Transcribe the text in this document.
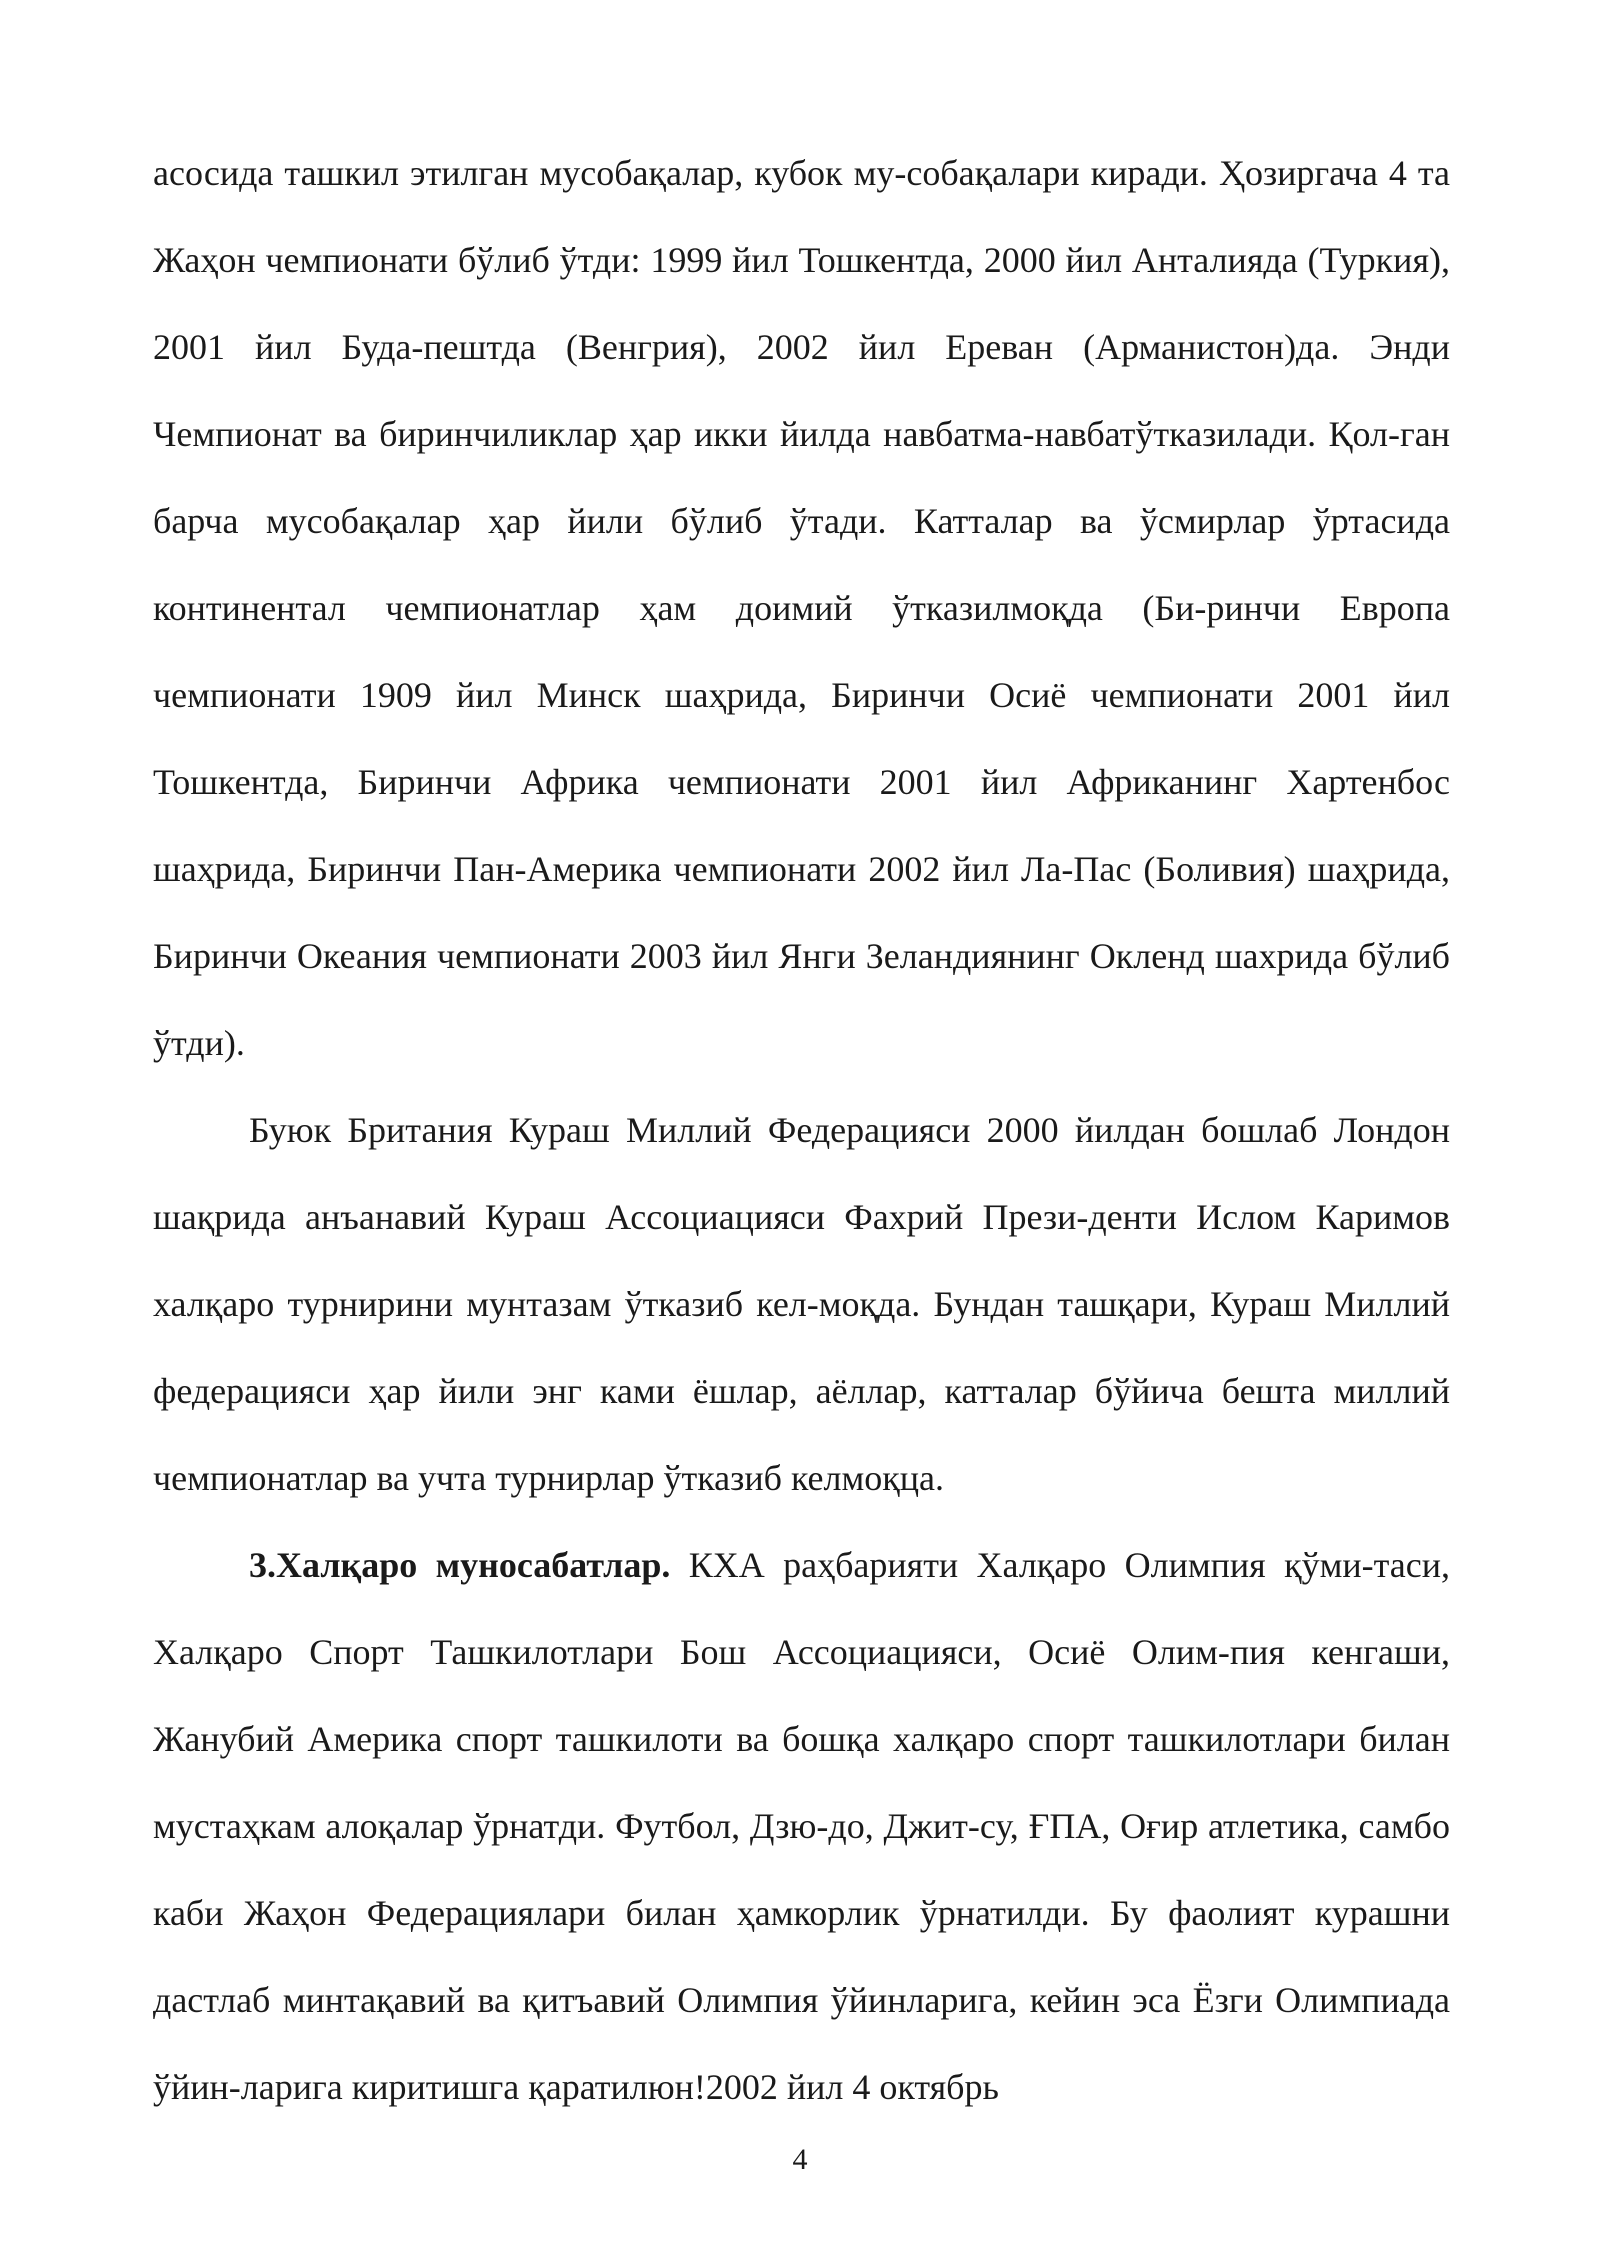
асосида ташкил этилган мусобақалар, кубок му-собақалари киради. Ҳозиргача 4 та Жаҳон чемпионати бўлиб ўтди: 1999 йил Тошкентда, 2000 йил Анталияда (Туркия), 2001 йил Буда-пештда (Венгрия), 2002 йил Ереван (Арманистон)да. Энди Чемпионат ва биринчиликлар ҳар икки йилда навбатма-навбатўтказилади. Қол-ган барча мусобақалар ҳар йили бўлиб ўтади. Катталар ва ўсмирлар ўртасида континентал чемпионатлар ҳам доимий ўтказилмоқда (Би-ринчи Европа чемпионати 1909 йил Минск шаҳрида, Биринчи Осиё чемпионати 2001 йил Тошкентда, Биринчи Африка чемпионати 2001 йил Африканинг Хартенбос шаҳрида, Биринчи Пан-Америка чемпионати 2002 йил Ла-Пас (Боливия) шаҳрида, Биринчи Океания чемпионати 2003 йил Янги Зеландиянинг Окленд шахрида бўлиб ўтди).

Буюк Британия Кураш Миллий Федерацияси 2000 йилдан бошлаб Лондон шақрида анъанавий Кураш Ассоциацияси Фахрий Прези-денти Ислом Каримов халқаро турнирини мунтазам ўтказиб кел-моқда. Бундан ташқари, Кураш Миллий федерацияси ҳар йили энг ками ёшлар, аёллар, катталар бўйича бешта миллий чемпионатлар ва учта турнирлар ўтказиб келмоқца.

3.Халқаро муносабатлар. КХА раҳбарияти Халқаро Олимпия қўми-таси, Халқаро Спорт Ташкилотлари Бош Ассоциацияси, Осиё Олим-пия кенгаши, Жанубий Америка спорт ташкилоти ва бошқа халқаро спорт ташкилотлари билан мустаҳкам алоқалар ўрнатди. Футбол, Дзю-до, Джит-су, ҒПА, Оғир атлетика, самбо каби Жаҳон Федерациялари билан ҳамкорлик ўрнатилди. Бу фаолият курашни дастлаб минтақавий ва қитъавий Олимпия ўйинларига, кейин эса Ёзги Олимпиада ўйин-ларига киритишга қаратилюн!2002 йил 4 октябрь

4
